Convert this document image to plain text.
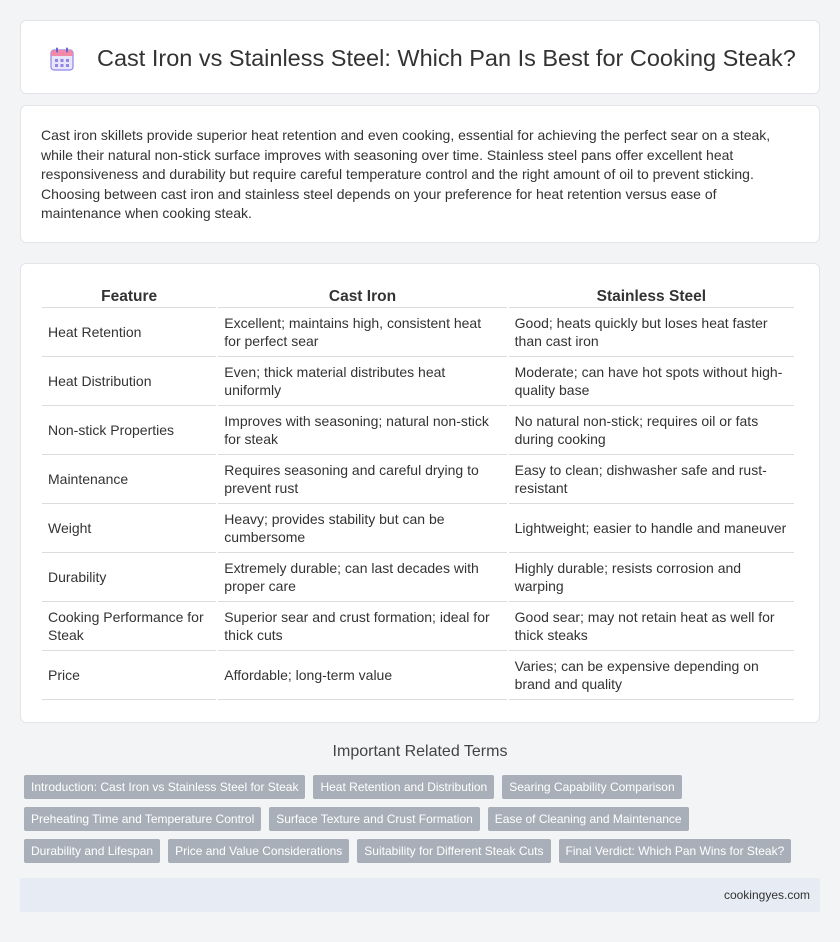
Cast Iron vs Stainless Steel: Which Pan Is Best for Cooking Steak?

Cast iron skillets provide superior heat retention and even cooking, essential for achieving the perfect sear on a steak, while their natural non-stick surface improves with seasoning over time. Stainless steel pans offer excellent heat responsiveness and durability but require careful temperature control and the right amount of oil to prevent sticking. Choosing between cast iron and stainless steel depends on your preference for heat retention versus ease of maintenance when cooking steak.

Feature	Cast Iron	Stainless Steel
Heat Retention	Excellent; maintains high, consistent heat for perfect sear	Good; heats quickly but loses heat faster than cast iron
Heat Distribution	Even; thick material distributes heat uniformly	Moderate; can have hot spots without high-quality base
Non-stick Properties	Improves with seasoning; natural non-stick for steak	No natural non-stick; requires oil or fats during cooking
Maintenance	Requires seasoning and careful drying to prevent rust	Easy to clean; dishwasher safe and rust-resistant
Weight	Heavy; provides stability but can be cumbersome	Lightweight; easier to handle and maneuver
Durability	Extremely durable; can last decades with proper care	Highly durable; resists corrosion and warping
Cooking Performance for Steak	Superior sear and crust formation; ideal for thick cuts	Good sear; may not retain heat as well for thick steaks
Price	Affordable; long-term value	Varies; can be expensive depending on brand and quality
Important Related Terms
Introduction: Cast Iron vs Stainless Steel for Steak	Heat Retention and Distribution	Searing Capability Comparison
Preheating Time and Temperature Control	Surface Texture and Crust Formation	Ease of Cleaning and Maintenance
Durability and Lifespan	Price and Value Considerations	Suitability for Different Steak Cuts	Final Verdict: Which Pan Wins for Steak?
cookingyes.com
